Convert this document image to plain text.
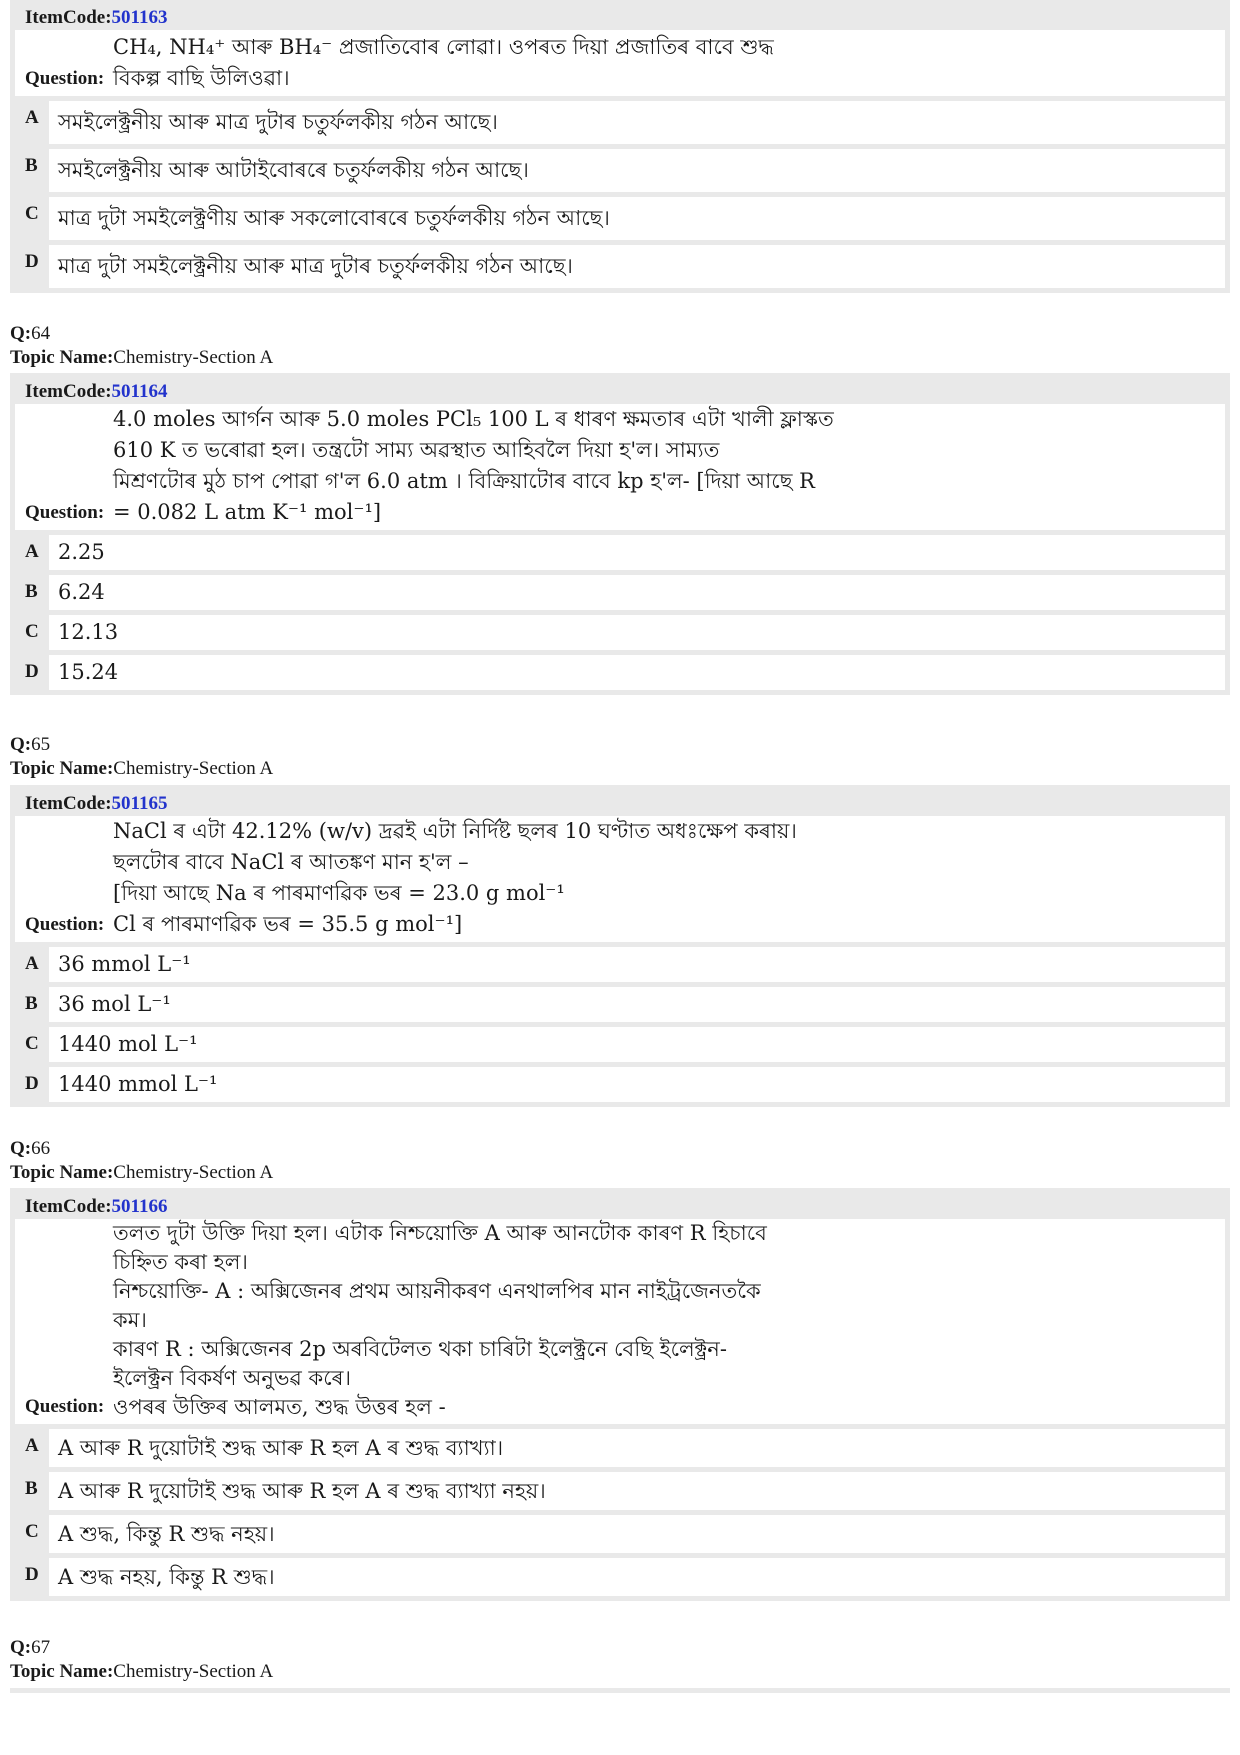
ItemCode:501163
Question:
CH₄, NH₄⁺ আৰু BH₄⁻ প্ৰজাতিবোৰ লোৱা। ওপৰত দিয়া প্ৰজাতিৰ বাবে শুদ্ধ
বিকল্প বাছি উলিওৱা।
A সমইলেক্ট্ৰনীয় আৰু মাত্ৰ দুটাৰ চতুৰ্ফলকীয় গঠন আছে।
B সমইলেক্ট্ৰনীয় আৰু আটাইবোৰৰে চতুৰ্ফলকীয় গঠন আছে।
C মাত্ৰ দুটা সমইলেক্ট্ৰণীয় আৰু সকলোবোৰৰে চতুৰ্ফলকীয় গঠন আছে।
D মাত্ৰ দুটা সমইলেক্ট্ৰনীয় আৰু মাত্ৰ দুটাৰ চতুৰ্ফলকীয় গঠন আছে।
Q:64
Topic Name:Chemistry-Section A
ItemCode:501164
Question:
4.0 moles আৰ্গন আৰু 5.0 moles PCl₅ 100 L ৰ ধাৰণ ক্ষমতাৰ এটা খালী ফ্লাস্কত
610 K ত ভৰোৱা হল। তন্ত্ৰটো সাম্য অৱস্থাত আহিবলৈ দিয়া হ'ল। সাম্যত
মিশ্ৰণটোৰ মুঠ চাপ পোৱা গ'ল 6.0 atm । বিক্ৰিয়াটোৰ বাবে kp হ'ল- [দিয়া আছে R
= 0.082 L atm K⁻¹ mol⁻¹]
A 2.25
B 6.24
C 12.13
D 15.24
Q:65
Topic Name:Chemistry-Section A
ItemCode:501165
Question:
NaCl ৰ এটা 42.12% (w/v) দ্ৰৱই এটা নিৰ্দিষ্ট ছলৰ 10 ঘণ্টাত অধঃক্ষেপ কৰায়।
ছলটোৰ বাবে NaCl ৰ আতঙ্কণ মান হ'ল –
[দিয়া আছে Na ৰ পাৰমাণৱিক ভৰ = 23.0 g mol⁻¹
Cl ৰ পাৰমাণৱিক ভৰ = 35.5 g mol⁻¹]
A 36 mmol L⁻¹
B 36 mol L⁻¹
C 1440 mol L⁻¹
D 1440 mmol L⁻¹
Q:66
Topic Name:Chemistry-Section A
ItemCode:501166
Question:
তলত দুটা উক্তি দিয়া হল। এটাক নিশ্চয়োক্তি A আৰু আনটোক কাৰণ R হিচাবে
চিহ্নিত কৰা হল।
নিশ্চয়োক্তি- A : অক্সিজেনৰ প্ৰথম আয়নীকৰণ এনথালপিৰ মান নাইট্ৰজেনতকৈ
কম।
কাৰণ R : অক্সিজেনৰ 2p অৰবিটেলত থকা চাৰিটা ইলেক্ট্ৰনে বেছি ইলেক্ট্ৰন-
ইলেক্ট্ৰন বিকৰ্ষণ অনুভৱ কৰে।
ওপৰৰ উক্তিৰ আলমত, শুদ্ধ উত্তৰ হল -
A A আৰু R দুয়োটাই শুদ্ধ আৰু R হল A ৰ শুদ্ধ ব্যাখ্যা।
B A আৰু R দুয়োটাই শুদ্ধ আৰু R হল A ৰ শুদ্ধ ব্যাখ্যা নহয়।
C A শুদ্ধ, কিন্তু R শুদ্ধ নহয়।
D A শুদ্ধ নহয়, কিন্তু R শুদ্ধ।
Q:67
Topic Name:Chemistry-Section A
